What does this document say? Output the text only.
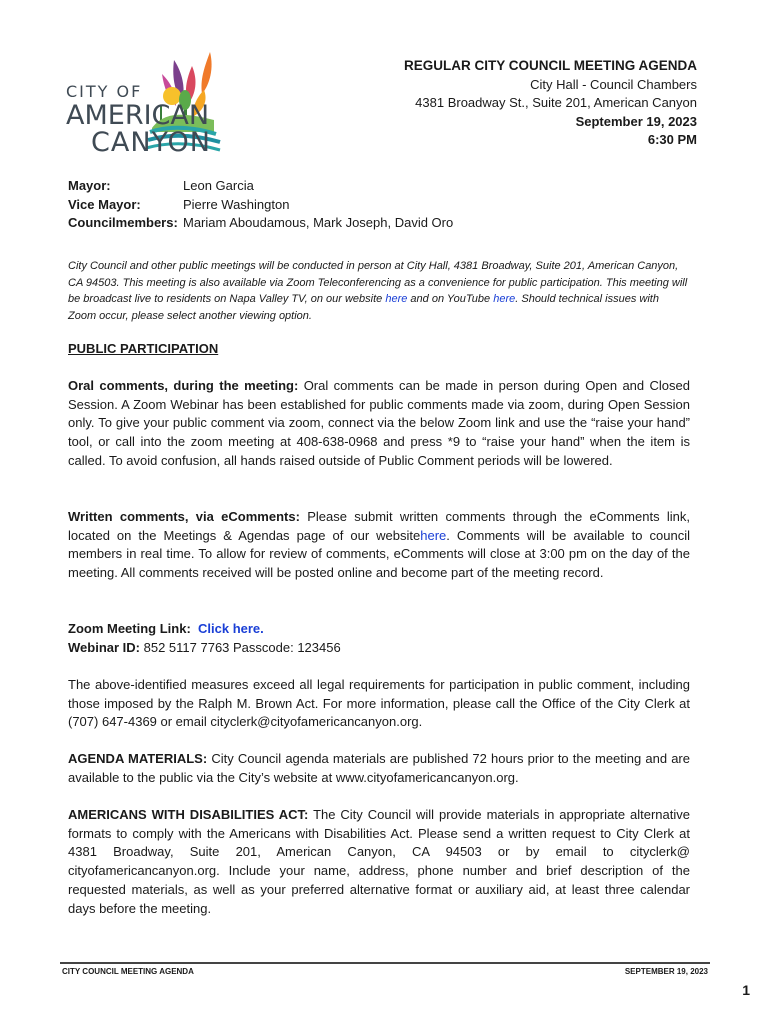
CITY OF
AMERICAN
CANYON
REGULAR CITY COUNCIL MEETING AGENDA
City Hall - Council Chambers
4381 Broadway St., Suite 201, American Canyon
September 19, 2023
6:30 PM
Mayor:	Leon Garcia
Vice Mayor:	Pierre Washington
Councilmembers: Mariam Aboudamous, Mark Joseph, David Oro
City Council and other public meetings will be conducted in person at City Hall, 4381 Broadway, Suite 201, American Canyon, CA 94503. This meeting is also available via Zoom Teleconferencing as a convenience for public participation. This meeting will be broadcast live to residents on Napa Valley TV, on our website here and on YouTube here. Should technical issues with Zoom occur, please select another viewing option.
PUBLIC PARTICIPATION
Oral comments, during the meeting: Oral comments can be made in person during Open and Closed Session. A Zoom Webinar has been established for public comments made via zoom, during Open Session only. To give your public comment via zoom, connect via the below Zoom link and use the “raise your hand” tool, or call into the zoom meeting at 408-638-0968 and press *9 to “raise your hand” when the item is called. To avoid confusion, all hands raised outside of Public Comment periods will be lowered.
Written comments, via eComments: Please submit written comments through the eComments link, located on the Meetings & Agendas page of our websitehere. Comments will be available to council members in real time. To allow for review of comments, eComments will close at 3:00 pm on the day of the meeting. All comments received will be posted online and become part of the meeting record.
Zoom Meeting Link: Click here.
Webinar ID: 852 5117 7763 Passcode: 123456
The above-identified measures exceed all legal requirements for participation in public comment, including those imposed by the Ralph M. Brown Act. For more information, please call the Office of the City Clerk at (707) 647-4369 or email cityclerk@cityofamericancanyon.org.
AGENDA MATERIALS: City Council agenda materials are published 72 hours prior to the meeting and are available to the public via the City’s website at www.cityofamericancanyon.org.
AMERICANS WITH DISABILITIES ACT: The City Council will provide materials in appropriate alternative formats to comply with the Americans with Disabilities Act. Please send a written request to City Clerk at 4381 Broadway, Suite 201, American Canyon, CA 94503 or by email to cityclerk@ cityofamericancanyon.org. Include your name, address, phone number and brief description of the requested materials, as well as your preferred alternative format or auxiliary aid, at least three calendar days before the meeting.
CITY COUNCIL MEETING AGENDA	SEPTEMBER 19, 2023
1
